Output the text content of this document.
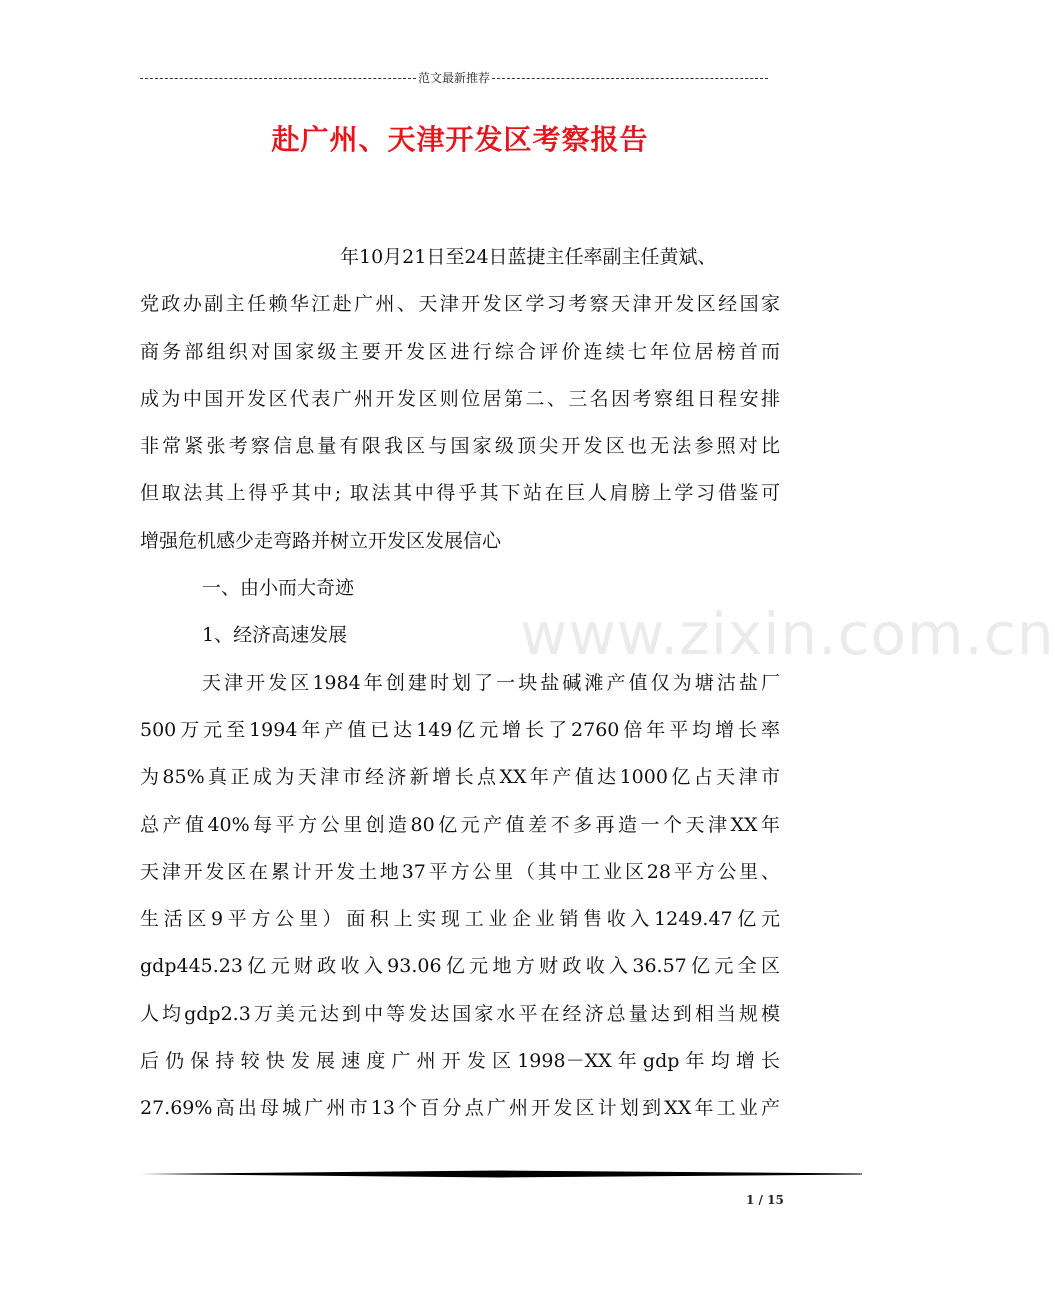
范文最新推荐
赴广州、天津开发区考察报告
年10月21日至24日蓝捷主任率副主任黄斌、
党政办副主任赖华江赴广州、天津开发区学习考察天津开发区经国家
商务部组织对国家级主要开发区进行综合评价连续七年位居榜首而
成为中国开发区代表广州开发区则位居第二、三名因考察组日程安排
非常紧张考察信息量有限我区与国家级顶尖开发区也无法参照对比
但取法其上得乎其中; 取法其中得乎其下站在巨人肩膀上学习借鉴可
增强危机感少走弯路并树立开发区发展信心
一、由小而大奇迹
1、经济高速发展
天津开发区1984年创建时划了一块盐碱滩产值仅为塘沽盐厂
500万元至1994年产值已达149亿元增长了2760倍年平均增长率
为85%真正成为天津市经济新增长点XX年产值达1000亿占天津市
总产值40%每平方公里创造80亿元产值差不多再造一个天津XX年
天津开发区在累计开发土地37平方公里（其中工业区28平方公里、
生活区9平方公里）面积上实现工业企业销售收入1249.47亿元
gdp445.23亿元财政收入93.06亿元地方财政收入36.57亿元全区
人均gdp2.3万美元达到中等发达国家水平在经济总量达到相当规模
后仍保持较快发展速度广州开发区1998－XX年gdp年均增长
27.69%高出母城广州市13个百分点广州开发区计划到XX年工业产
www.zixin.com.cn
1 / 15
